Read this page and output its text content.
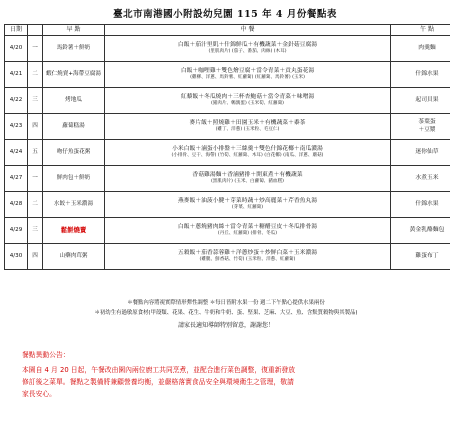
臺北市南港國小附設幼兒園 115 年 4 月份餐點表
日期		早 點	中 餐	午 點
4/20	一	馬鈴薯＋鮮奶	白飯＋茄汁里肌＋什錦鮮瓜＋有機蔬菜＋金針菇豆腐湯
(里肌肉片) (茄子、番茄、肉絲) (木耳)	肉羹麵
4/21	二	蝦仁燒賣+海帶豆腐湯	白飯＋咖哩雞＋雙色燴豆腐＋當令青菜＋貢丸蛋花湯
(雞柳、洋蔥、馬鈴薯、紅蘿蔔) (紅蘿蔔、馬鈴薯) (玉米)	什錦水果
4/22	三	烤地瓜	紅藜飯＋冬瓜燒肉＋三杯杏鮑菇＋當令青菜＋味噌湯
(豬肉片、鵪鶉蛋) (玉米筍、紅蘿蔔)	起司貝果
4/23	四	蘿蔔糕湯	麥片飯＋照燒雞＋田園玉米＋有機蔬菜＋黍茶
(雞丁、洋蔥) (玉米粒、毛豆仁)	茶葉蛋
＋豆漿

4/24	五	吻仔魚蛋花粥	小米白飯＋滷蛋小排盤＋三絲羹＋雙色什錦花椰＋南瓜濃湯
(小排骨、豆干、海帶) (竹筍、紅蘿蔔、木耳) (白花椰) (南瓜、洋蔥、蘑菇)	迷你仙草
4/27	一	鮮肉包＋鮮奶	香菇雞湯麵＋香滷豬排＋開東煮＋有機蔬菜
(黑肌肉片) (玉米、白蘿蔔、豬血糕)	水煮玉米
4/28	二	水餃＋玉米濃湯	燕麥飯＋油菠小腱＋芽菜時蔬＋炒高麗菜＋芹香魚丸湯
(芽菜、紅蘿蔔)	什錦水果
4/29	三	鬆餅燒賣	白飯＋蔥燒豬肉絲＋當令青菜＋糖醋豆皮＋冬瓜排骨湯
(丹丘、紅蘿蔔) (排骨、冬瓜)	黃金乳酪麵包
4/30	四	山藥肉茸粥	五穀飯＋茄香蒜蓉雞＋洋蔥炒蛋＋炒鮮白菜＋玉米濃湯
(雞腿、鮮香菇、竹筍) (玉米粒、洋蔥、紅蘿蔔)	雞蛋布丁
＊餐點內容將視實際情形彈性調整 ＊每日皆附水果一份 週二下午點心提供水果兩份
＊初幼生有過敏原食材(甲殼類、花果、花生、牛奶和牛奶、蛋、堅果、芝麻、大豆、魚、含麩質穀物與其製品)
請家長適知導師特別留意，謝謝您！
餐點異動公告：
本園自 4 月 20 日起，午餐改由園內兩位廚工共同烹煮，並配合進行菜色調整，復重新發放
修訂後之菜單。餐點之製備將兼顧營養均衡，並嚴格落實食品安全與環境衛生之管理，敬請
家長安心。
